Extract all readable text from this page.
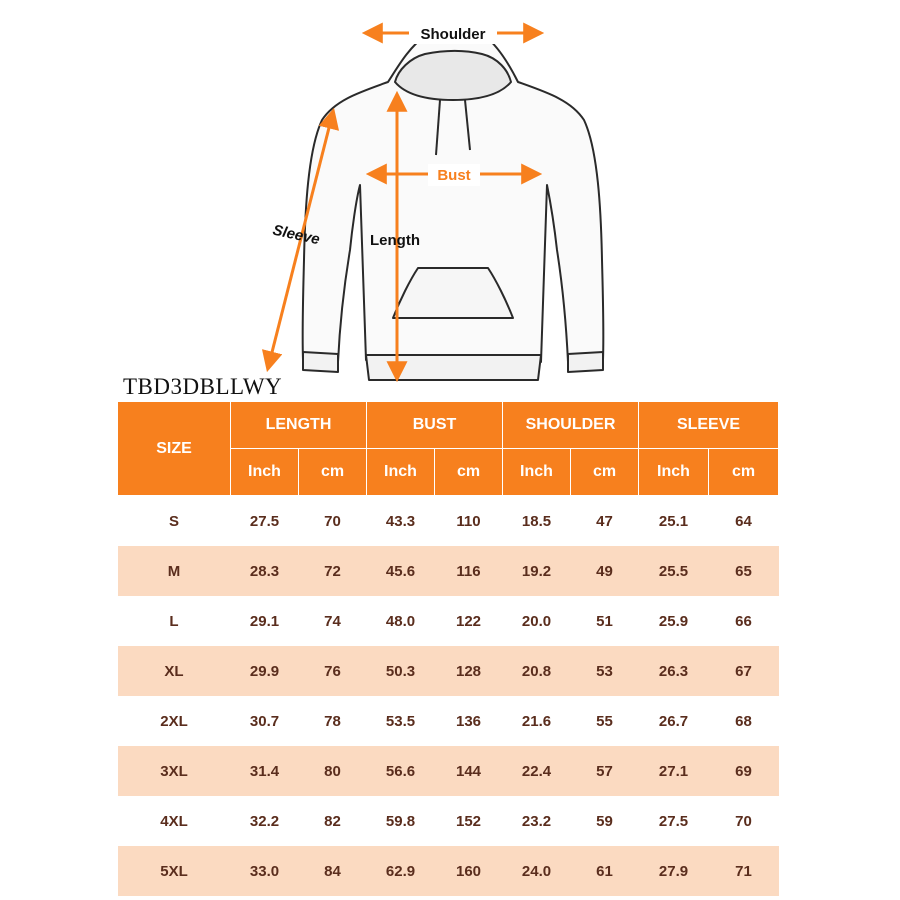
Shoulder
Bust
Length
Sleeve
TBD3DBLLWY
SIZE	LENGTH		BUST		SHOULDER		SLEEVE	
	Inch	cm	Inch	cm	Inch	cm	Inch	cm
S	27.5	70	43.3	110	18.5	47	25.1	64
M	28.3	72	45.6	116	19.2	49	25.5	65
L	29.1	74	48.0	122	20.0	51	25.9	66
XL	29.9	76	50.3	128	20.8	53	26.3	67
2XL	30.7	78	53.5	136	21.6	55	26.7	68
3XL	31.4	80	56.6	144	22.4	57	27.1	69
4XL	32.2	82	59.8	152	23.2	59	27.5	70
5XL	33.0	84	62.9	160	24.0	61	27.9	71
